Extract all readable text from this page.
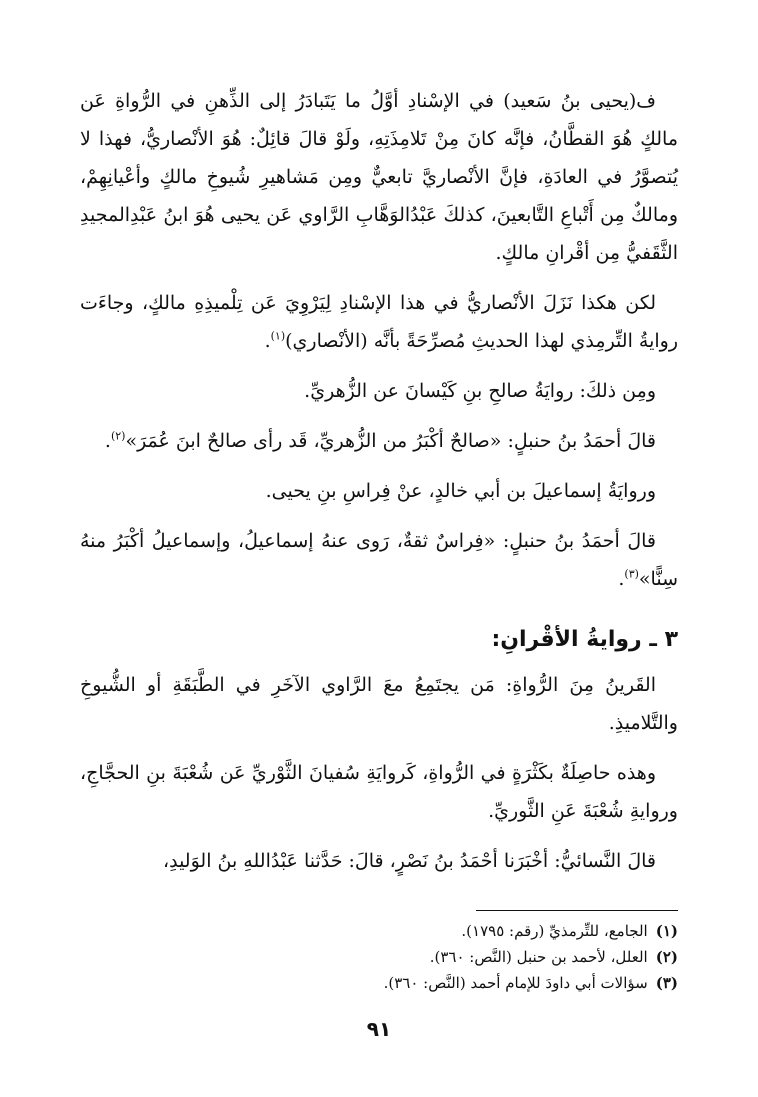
ف(يحيى بنُ سَعيد) في الإسْنادِ أوَّلُ ما يَتَبادَرُ إلى الذِّهنِ في الرُّواةِ عَن مالكٍ هُوَ القطَّانُ، فإنَّه كانَ مِنْ تَلامِذَتِهِ، ولَوْ قالَ قائِلٌ: هُوَ الأنْصاريُّ، فهذا لا يُتصوَّرُ في العادَةِ، فإنَّ الأنْصاريَّ تابعيٌّ ومِن مَشاهيرِ شُيوخِ مالكٍ وأعْيانِهِمْ، ومالكٌ مِن أَتْباعِ التَّابعينَ، كذلكَ عَبْدُالوَهَّابِ الرَّاوي عَن يحيى هُوَ ابنُ عَبْدِالمجيدِ الثَّقَفيُّ مِن أقْرانِ مالكٍ.

لكن هكذا نَزَلَ الأنْصاريُّ في هذا الإسْنادِ لِيَرْوِيَ عَن تِلْميذِهِ مالكٍ، وجاءَت روايةُ التِّرمِذي لهذا الحديثِ مُصرِّحَةً بأنَّه (الأنْصاري)$^{(١)}$.

ومِن ذلكَ: روايَةُ صالحِ بنِ كَيْسانَ عن الزُّهريِّ.

قالَ أحمَدُ بنُ حنبلٍ: «صالحٌ أكْبَرُ من الزُّهريِّ، قَد رأى صالحٌ ابنَ عُمَرَ»$^{(٢)}$.

وروايَةُ إسماعيلَ بن أبي خالدٍ، عنْ فِراسِ بنِ يحيى.

قالَ أحمَدُ بنُ حنبلٍ: «فِراسٌ ثقةٌ، رَوى عنهُ إسماعيلُ، وإسماعيلُ أكْبَرُ منهُ سِنًّا»$^{(٣)}$.

٣ ـ روايةُ الأقْرانِ:

القَرينُ مِنَ الرُّواةِ: مَن يجتَمِعُ معَ الرَّاوي الآخَرِ في الطَّبَقَةِ أو الشُّيوخِ والتَّلاميذِ.

وهذه حاصِلَةٌ بكَثْرَةٍ في الرُّواةِ، كَروايَةِ سُفيانَ الثَّوْريِّ عَن شُعْبَةَ بنِ الحجَّاجِ، وروايةِ شُعْبَةَ عَنِ الثَّوريِّ.

قالَ النَّسائيُّ: أخْبَرَنا أحْمَدُ بنُ نَصْرٍ، قالَ: حَدَّثنا عَبْدُاللهِ بنُ الوَليدِ،

(١)الجامع، للتِّرمذيِّ (رقم: ١٧٩٥).

(٢)العلل، لأحمد بن حنبل (النَّص: ٣٦٠).

(٣)سؤالات أبي داودَ للإمام أحمد (النَّص: ٣٦٠).

٩١
